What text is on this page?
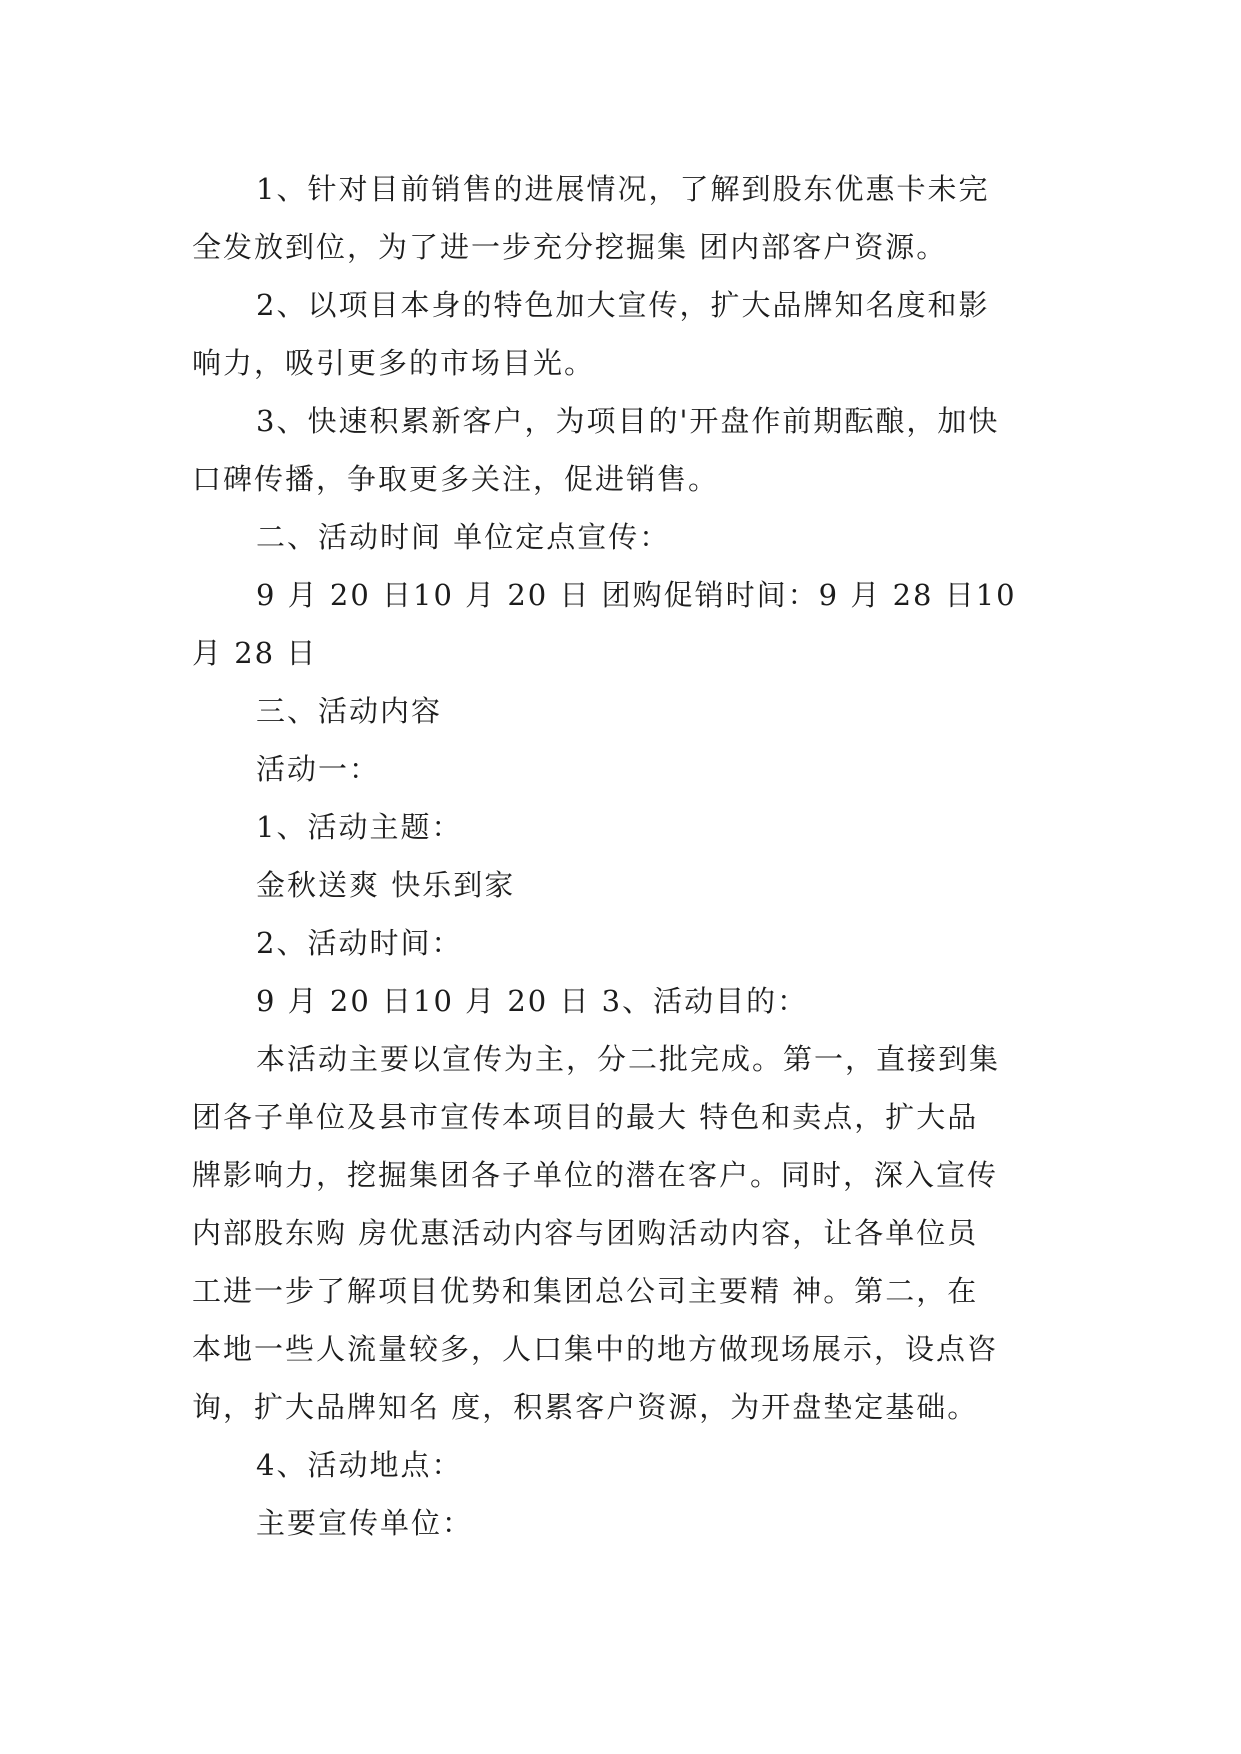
1、针对目前销售的进展情况，了解到股东优惠卡未完
全发放到位，为了进一步充分挖掘集 团内部客户资源。

2、以项目本身的特色加大宣传，扩大品牌知名度和影
响力，吸引更多的市场目光。

3、快速积累新客户，为项目的'开盘作前期酝酿，加快
口碑传播，争取更多关注，促进销售。

二、活动时间 单位定点宣传：

9 月 20 日10 月 20 日 团购促销时间：9 月 28 日10
月 28 日

三、活动内容

活动一：

1、活动主题：

金秋送爽 快乐到家

2、活动时间：

9 月 20 日10 月 20 日 3、活动目的：

本活动主要以宣传为主，分二批完成。第一，直接到集
团各子单位及县市宣传本项目的最大 特色和卖点，扩大品
牌影响力，挖掘集团各子单位的潜在客户。同时，深入宣传
内部股东购 房优惠活动内容与团购活动内容，让各单位员
工进一步了解项目优势和集团总公司主要精 神。第二，在
本地一些人流量较多，人口集中的地方做现场展示，设点咨
询，扩大品牌知名 度，积累客户资源，为开盘垫定基础。

4、活动地点：

主要宣传单位：
